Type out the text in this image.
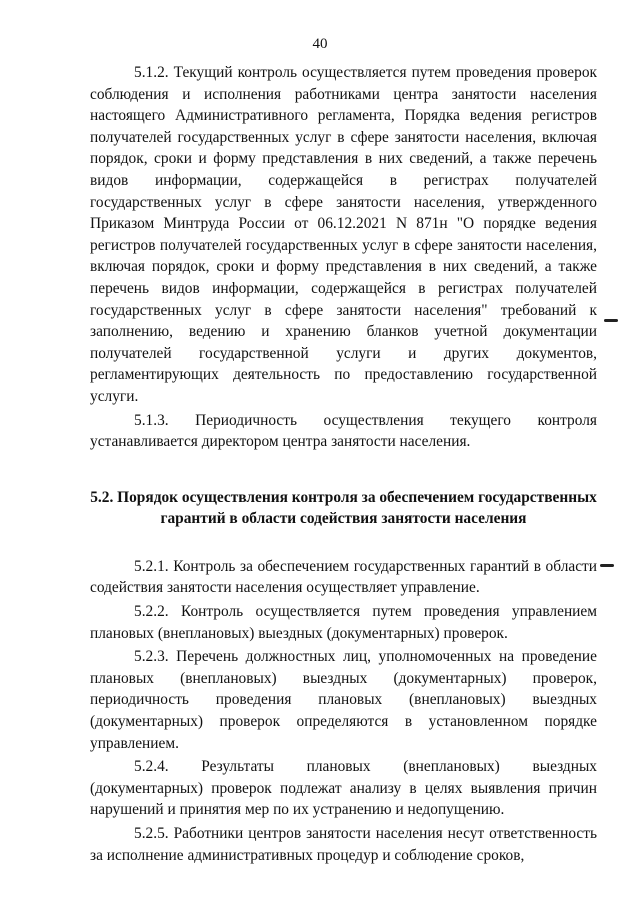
40

5.1.2. Текущий контроль осуществляется путем проведения проверок соблюдения и исполнения работниками центра занятости населения настоящего Административного регламента, Порядка ведения регистров получателей государственных услуг в сфере занятости населения, включая порядок, сроки и форму представления в них сведений, а также перечень видов информации, содержащейся в регистрах получателей государственных услуг в сфере занятости населения, утвержденного Приказом Минтруда России от 06.12.2021 N 871н "О порядке ведения регистров получателей государственных услуг в сфере занятости населения, включая порядок, сроки и форму представления в них сведений, а также перечень видов информации, содержащейся в регистрах получателей государственных услуг в сфере занятости населения" требований к заполнению, ведению и хранению бланков учетной документации получателей государственной услуги и других документов, регламентирующих деятельность по предоставлению государственной услуги.

5.1.3. Периодичность осуществления текущего контроля устанавливается директором центра занятости населения.

5.2. Порядок осуществления контроля за обеспечением государственных гарантий в области содействия занятости населения

5.2.1. Контроль за обеспечением государственных гарантий в области содействия занятости населения осуществляет управление.

5.2.2. Контроль осуществляется путем проведения управлением плановых (внеплановых) выездных (документарных) проверок.

5.2.3. Перечень должностных лиц, уполномоченных на проведение плановых (внеплановых) выездных (документарных) проверок, периодичность проведения плановых (внеплановых) выездных (документарных) проверок определяются в установленном порядке управлением.

5.2.4. Результаты плановых (внеплановых) выездных (документарных) проверок подлежат анализу в целях выявления причин нарушений и принятия мер по их устранению и недопущению.

5.2.5. Работники центров занятости населения несут ответственность за исполнение административных процедур и соблюдение сроков,
